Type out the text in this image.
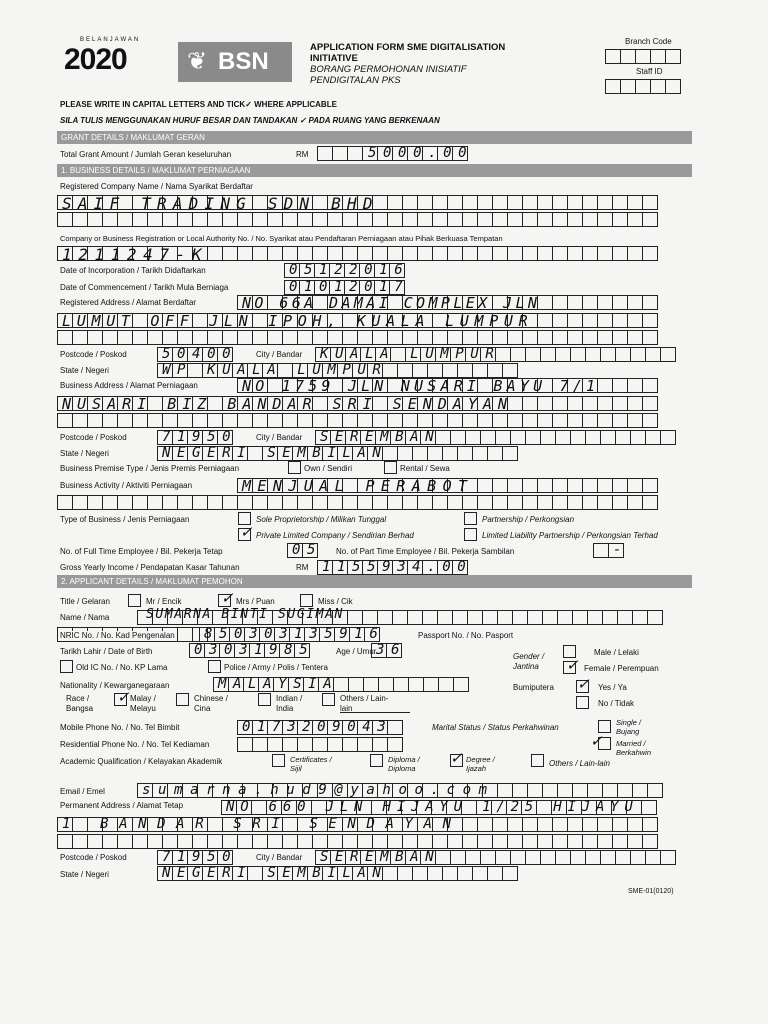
BELANJAWAN
2020	❦ BSN
APPLICATION FORM SME DIGITALISATION
INITIATIVE
BORANG PERMOHONAN INISIATIF
PENDIGITALAN PKS
Branch Code
Staff ID
PLEASE WRITE IN CAPITAL LETTERS AND TICK✓ WHERE APPLICABLE
SILA TULIS MENGGUNAKAN HURUF BESAR DAN TANDAKAN ✓ PADA RUANG YANG BERKENAAN
GRANT DETAILS / MAKLUMAT GERAN
Total Grant Amount / Jumlah Geran keseluruhan	RM	5000.00
1. BUSINESS DETAILS / MAKLUMAT PERNIAGAAN
Registered Company Name / Nama Syarikat Berdaftar
SAIF TRADING SDN BHD
Company or Business Registration or Local Authority No. / No. Syarikat atau Pendaftaran Perniagaan atau Pihak Berkuasa Tempatan
1211247-K
Date of Incorporation / Tarikh Didaftarkan	05122016
Date of Commencement / Tarikh Mula Berniaga	01012017
Registered Address / Alamat Berdaftar	NO 66A DAMAI COMPLEX JLN
LUMUT OFF JLN IPOH, KUALA LUMPUR
Postcode / Poskod	50400 City / Bandar KUALA LUMPUR
State / Negeri	WP KUALA LUMPUR
Business Address / Alamat Perniagaan	NO 1759 JLN NUSARI BAYU 7/1
NUSARI BIZ BANDAR SRI SENDAYAN
Postcode / Poskod	71950 City / Bandar SEREMBAN
State / Negeri	NEGERI SEMBILAN
Business Premise Type / Jenis Premis Perniagaan	Own / Sendiri	Rental / Sewa
Business Activity / Aktiviti Perniagaan	MENJUAL PERABOT
Type of Business / Jenis Perniagaan	Sole Proprietorship / Milikan Tunggal	Partnership / Perkongsian
✓ Private Limited Company / Sendirian Berhad	Limited Liability Partnership / Perkongsian Terhad
No. of Full Time Employee / Bil. Pekerja Tetap	05 No. of Part Time Employee / Bil. Pekerja Sambilan	-
Gross Yearly Income / Pendapatan Kasar Tahunan	RM 1155934.00
2. APPLICANT DETAILS / MAKLUMAT PEMOHON
Title / Gelaran	Mr / Encik	✓ Mrs / Puan	Miss / Cik
Name / Nama	SUMARNA BINTI SUGIMAN
NRIC No. / No. Kad Pengenalan 850303135916	Passport No. / No. Pasport
Tarikh Lahir / Date of Birth	03031985	Age / Umur 36	Gender / Jantina
Male / Lelaki
✓ Female / Perempuan
Old IC No. / No. KP Lama	Police / Army / Polis / Tentera
Nationality / Kewarganegaraan	MALAYSIA	Bumiputera ✓ Yes / Ya
No / Tidak
Race / Bangsa
✓ Malay / Melayu
Chinese / Cina
Indian / India
Others / Lain-lain
Mobile Phone No. / No. Tel Bimbit	0173209043	Marital Status / Status Perkahwinan
Single / Bujang
✓ Married / Berkahwin
Residential Phone No. / No. Tel Kediaman
Academic Qualification / Kelayakan Akademik	Certificates / Sijil
Diploma / Diploma
✓ Degree / Ijazah
Others / Lain-lain
Email / Emel	sumarna.hud9@yahoo.com
Permanent Address / Alamat Tetap	NO 660 JLN HIJAYU 1/25 HIJAYU
1 BANDAR SRI SENDAYAN
Postcode / Poskod	71950 City / Bandar SEREMBAN
State / Negeri	NEGERI SEMBILAN
SME-01(0120)
